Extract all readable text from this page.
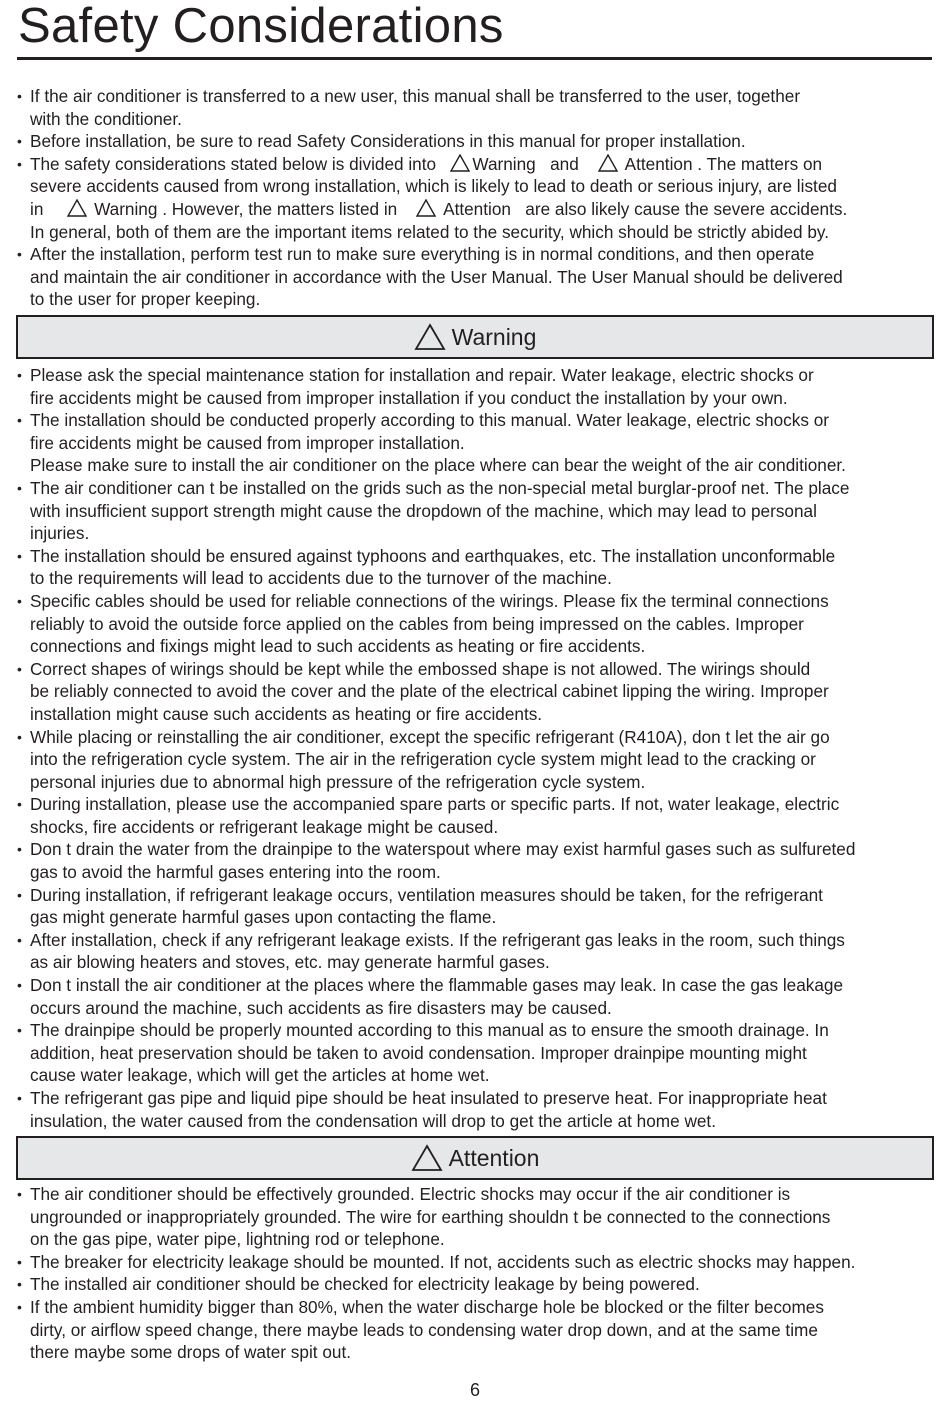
Safety Considerations
• If the air conditioner is transferred to a new user, this manual shall be transferred to the user, together
with the conditioner.
• Before installation, be sure to read Safety Considerations in this manual for proper installation.
• The safety considerations stated below is divided into Warning and	Attention . The matters on
severe accidents caused from wrong installation, which is likely to lead to death or serious injury, are listed
in	Warning . However, the matters listed in	Attention are also likely cause the severe accidents.
In general, both of them are the important items related to the security, which should be strictly abided by.
• After the installation, perform test run to make sure everything is in normal conditions, and then operate
and maintain the air conditioner in accordance with the User Manual. The User Manual should be delivered
to the user for proper keeping.
Warning
• Please ask the special maintenance station for installation and repair. Water leakage, electric shocks or
fire accidents might be caused from improper installation if you conduct the installation by your own.
• The installation should be conducted properly according to this manual. Water leakage, electric shocks or
fire accidents might be caused from improper installation.
Please make sure to install the air conditioner on the place where can bear the weight of the air conditioner.
• The air conditioner can t be installed on the grids such as the non-special metal burglar-proof net. The place
with insufficient support strength might cause the dropdown of the machine, which may lead to personal
injuries.
• The installation should be ensured against typhoons and earthquakes, etc. The installation unconformable
to the requirements will lead to accidents due to the turnover of the machine.
• Specific cables should be used for reliable connections of the wirings. Please fix the terminal connections
reliably to avoid the outside force applied on the cables from being impressed on the cables. Improper
connections and fixings might lead to such accidents as heating or fire accidents.
• Correct shapes of wirings should be kept while the embossed shape is not allowed. The wirings should
be reliably connected to avoid the cover and the plate of the electrical cabinet lipping the wiring. Improper
installation might cause such accidents as heating or fire accidents.
• While placing or reinstalling the air conditioner, except the specific refrigerant (R410A), don t let the air go
into the refrigeration cycle system. The air in the refrigeration cycle system might lead to the cracking or
personal injuries due to abnormal high pressure of the refrigeration cycle system.
• During installation, please use the accompanied spare parts or specific parts. If not, water leakage, electric
shocks, fire accidents or refrigerant leakage might be caused.
• Don t drain the water from the drainpipe to the waterspout where may exist harmful gases such as sulfureted
gas to avoid the harmful gases entering into the room.
• During installation, if refrigerant leakage occurs, ventilation measures should be taken, for the refrigerant
gas might generate harmful gases upon contacting the flame.
• After installation, check if any refrigerant leakage exists. If the refrigerant gas leaks in the room, such things
as air blowing heaters and stoves, etc. may generate harmful gases.
• Don t install the air conditioner at the places where the flammable gases may leak. In case the gas leakage
occurs around the machine, such accidents as fire disasters may be caused.
• The drainpipe should be properly mounted according to this manual as to ensure the smooth drainage. In
addition, heat preservation should be taken to avoid condensation. Improper drainpipe mounting might
cause water leakage, which will get the articles at home wet.
• The refrigerant gas pipe and liquid pipe should be heat insulated to preserve heat. For inappropriate heat
insulation, the water caused from the condensation will drop to get the article at home wet.
Attention
• The air conditioner should be effectively grounded. Electric shocks may occur if the air conditioner is
ungrounded or inappropriately grounded. The wire for earthing shouldn t be connected to the connections
on the gas pipe, water pipe, lightning rod or telephone.
• The breaker for electricity leakage should be mounted. If not, accidents such as electric shocks may happen.
• The installed air conditioner should be checked for electricity leakage by being powered.
• If the ambient humidity bigger than 80%, when the water discharge hole be blocked or the filter becomes
dirty, or airflow speed change, there maybe leads to condensing water drop down, and at the same time
there maybe some drops of water spit out.
6
